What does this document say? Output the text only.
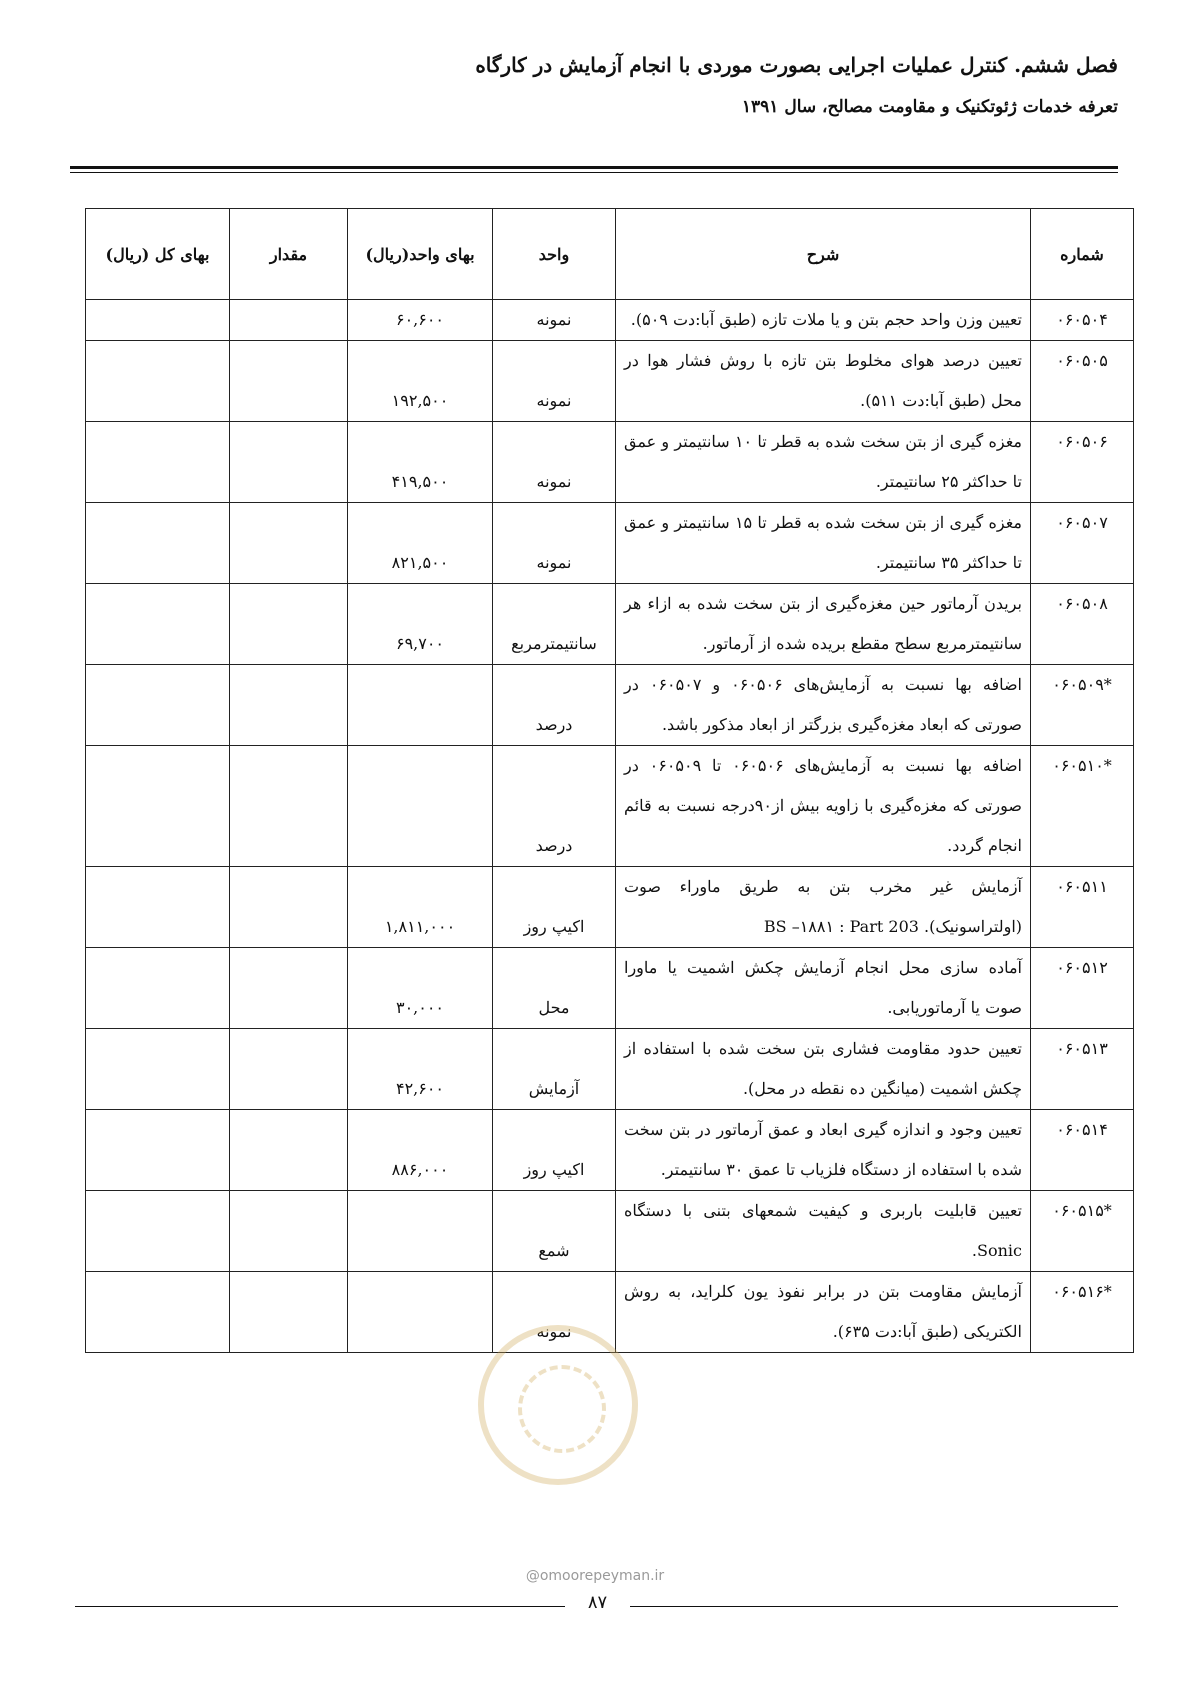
فصل ششم. کنترل عملیات اجرایی بصورت موردی با انجام آزمایش در کارگاه
تعرفه خدمات ژئوتکنیک و مقاومت مصالح، سال ۱۳۹۱
شماره	شرح	واحد	بهای واحد(ریال)	مقدار	بهای کل (ریال)
۰۶۰۵۰۴	تعیین وزن واحد حجم بتن و یا ملات تازه (طبق آبا:دت ۵۰۹).	نمونه	۶۰,۶۰۰		
۰۶۰۵۰۵	تعیین درصد هوای مخلوط بتن تازه با روش فشار هوا در محل (طبق آبا:دت ۵۱۱).	نمونه	۱۹۲,۵۰۰		
۰۶۰۵۰۶	مغزه گیری از بتن سخت شده به قطر تا ۱۰ سانتیمتر و عمق تا حداکثر ۲۵ سانتیمتر.	نمونه	۴۱۹,۵۰۰		
۰۶۰۵۰۷	مغزه گیری از بتن سخت شده به قطر تا ۱۵ سانتیمتر و عمق تا حداکثر ۳۵ سانتیمتر.	نمونه	۸۲۱,۵۰۰		
۰۶۰۵۰۸	بریدن آرماتور حین مغزه‌گیری از بتن سخت شده به ازاء هر سانتیمترمربع سطح مقطع بریده شده از آرماتور.	سانتیمترمربع	۶۹,۷۰۰		
*۰۶۰۵۰۹	اضافه بها نسبت به آزمایش‌های ۰۶۰۵۰۶ و ۰۶۰۵۰۷ در صورتی که ابعاد مغزه‌گیری بزرگتر از ابعاد مذکور باشد.	درصد			
*۰۶۰۵۱۰	اضافه بها نسبت به آزمایش‌های ۰۶۰۵۰۶ تا ۰۶۰۵۰۹ در صورتی که مغزه‌گیری با زاویه بیش از۹۰درجه نسبت به قائم انجام گردد.	درصد			
۰۶۰۵۱۱	آزمایش غیر مخرب بتن به طریق ماوراء صوت (اولتراسونیک). BS ‎–۱۸۸۱ : Part 203	اکیپ روز	۱,۸۱۱,۰۰۰		
۰۶۰۵۱۲	آماده سازی محل انجام آزمایش چکش اشمیت یا ماورا صوت یا آرماتوریابی.	محل	۳۰,۰۰۰		
۰۶۰۵۱۳	تعیین حدود مقاومت فشاری بتن سخت شده با استفاده از چکش اشمیت (میانگین ده نقطه در محل).	آزمایش	۴۲,۶۰۰		
۰۶۰۵۱۴	تعیین وجود و اندازه گیری ابعاد و عمق آرماتور در بتن سخت شده با استفاده از دستگاه فلزیاب تا عمق ۳۰ سانتیمتر.	اکیپ روز	۸۸۶,۰۰۰		
*۰۶۰۵۱۵	تعیین قابلیت باربری و کیفیت شمعهای بتنی با دستگاه Sonic.	شمع			
*۰۶۰۵۱۶	آزمایش مقاومت بتن در برابر نفوذ یون کلراید، به روش الکتریکی (طبق آبا:دت ۶۳۵).	نمونه			
@omoorepeyman.ir
۸۷
